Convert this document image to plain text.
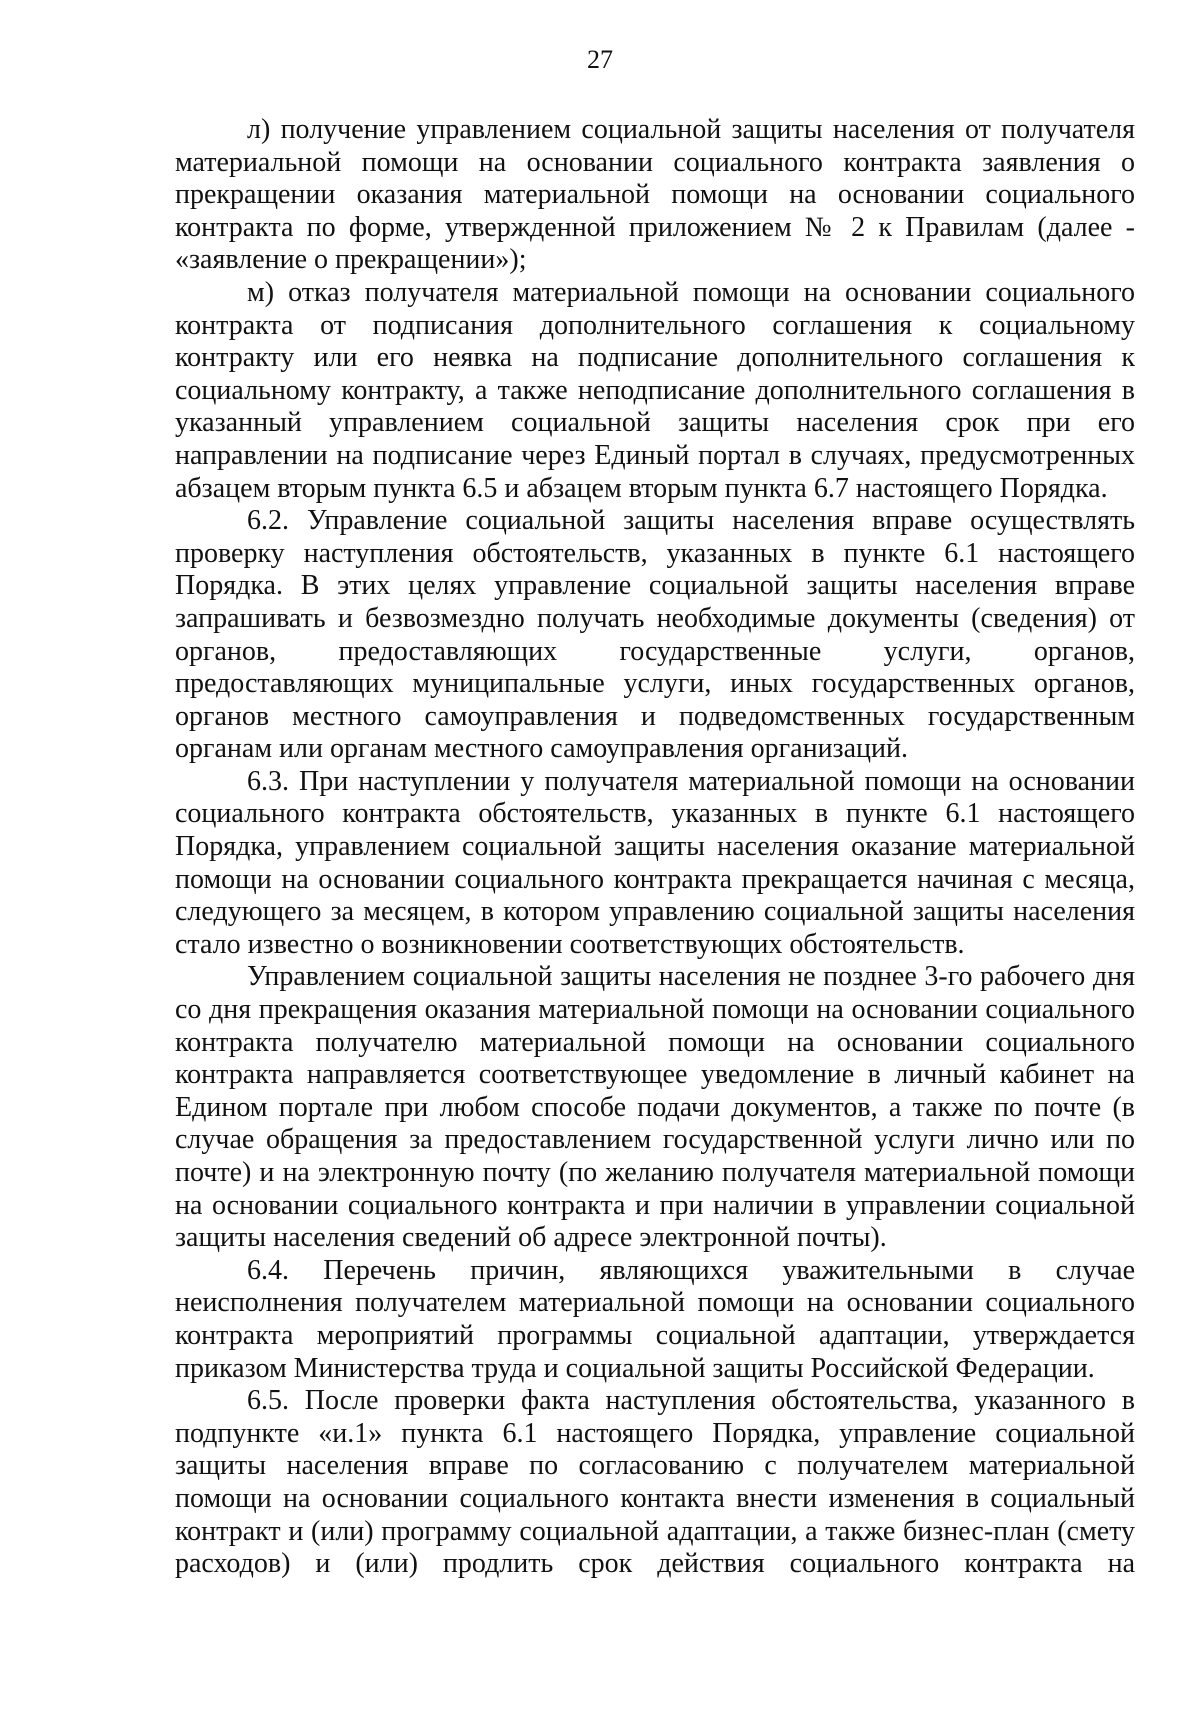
27

л) получение управлением социальной защиты населения от получателя материальной помощи на основании социального контракта заявления о прекращении оказания материальной помощи на основании социального контракта по форме, утвержденной приложением № 2 к Правилам (далее - «заявление о прекращении»);

м) отказ получателя материальной помощи на основании социального контракта от подписания дополнительного соглашения к социальному контракту или его неявка на подписание дополнительного соглашения к социальному контракту, а также неподписание дополнительного соглашения в указанный управлением социальной защиты населения срок при его направлении на подписание через Единый портал в случаях, предусмотренных абзацем вторым пункта 6.5 и абзацем вторым пункта 6.7 настоящего Порядка.

6.2. Управление социальной защиты населения вправе осуществлять проверку наступления обстоятельств, указанных в пункте 6.1 настоящего Порядка. В этих целях управление социальной защиты населения вправе запрашивать и безвозмездно получать необходимые документы (сведения) от органов, предоставляющих государственные услуги, органов, предоставляющих муниципальные услуги, иных государственных органов, органов местного самоуправления и подведомственных государственным органам или органам местного самоуправления организаций.

6.3. При наступлении у получателя материальной помощи на основании социального контракта обстоятельств, указанных в пункте 6.1 настоящего Порядка, управлением социальной защиты населения оказание материальной помощи на основании социального контракта прекращается начиная с месяца, следующего за месяцем, в котором управлению социальной защиты населения стало известно о возникновении соответствующих обстоятельств.

Управлением социальной защиты населения не позднее 3-го рабочего дня со дня прекращения оказания материальной помощи на основании социального контракта получателю материальной помощи на основании социального контракта направляется соответствующее уведомление в личный кабинет на Едином портале при любом способе подачи документов, а также по почте (в случае обращения за предоставлением государственной услуги лично или по почте) и на электронную почту (по желанию получателя материальной помощи на основании социального контракта и при наличии в управлении социальной защиты населения сведений об адресе электронной почты).

6.4. Перечень причин, являющихся уважительными в случае неисполнения получателем материальной помощи на основании социального контракта мероприятий программы социальной адаптации, утверждается приказом Министерства труда и социальной защиты Российской Федерации.

6.5. После проверки факта наступления обстоятельства, указанного в подпункте «и.1» пункта 6.1 настоящего Порядка, управление социальной защиты населения вправе по согласованию с получателем материальной помощи на основании социального контакта внести изменения в социальный контракт и (или) программу социальной адаптации, а также бизнес-план (смету расходов) и (или) продлить срок действия социального контракта на
